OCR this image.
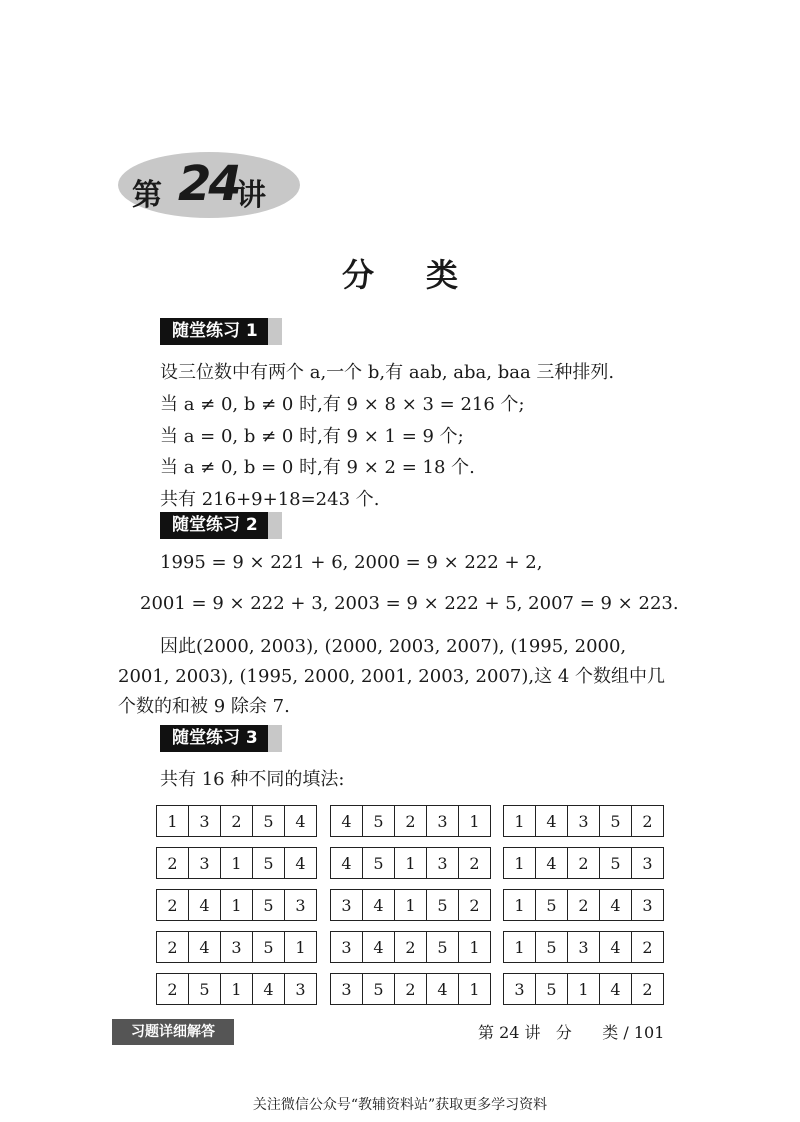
第 24
讲
分类
随堂练习 1
设三位数中有两个 a,一个 b,有 aab, aba, baa 三种排列.
当 a ≠ 0, b ≠ 0 时,有 9 × 8 × 3 = 216 个;
当 a = 0, b ≠ 0 时,有 9 × 1 = 9 个;
当 a ≠ 0, b = 0 时,有 9 × 2 = 18 个.
共有 216+9+18=243 个.
随堂练习 2
1995 = 9 × 221 + 6, 2000 = 9 × 222 + 2,
2001 = 9 × 222 + 3, 2003 = 9 × 222 + 5, 2007 = 9 × 223.
因此(2000, 2003), (2000, 2003, 2007), (1995, 2000,
2001, 2003), (1995, 2000, 2001, 2003, 2007),这 4 个数组中几
个数的和被 9 除余 7.
随堂练习 3
共有 16 种不同的填法:
1	3	2	5	4
2	3	1	5	4
2	4	1	5	3
2	4	3	5	1
2	5	1	4	3
4	5	2	3	1
4	5	1	3	2
3	4	1	5	2
3	4	2	5	1
3	5	2	4	1
1	4	3	5	2
1	4	2	5	3
1	5	2	4	3
1	5	3	4	2
3	5	1	4	2
习题详细解答	第 24 讲   分      类 / 101
关注微信公众号“教辅资料站”获取更多学习资料
